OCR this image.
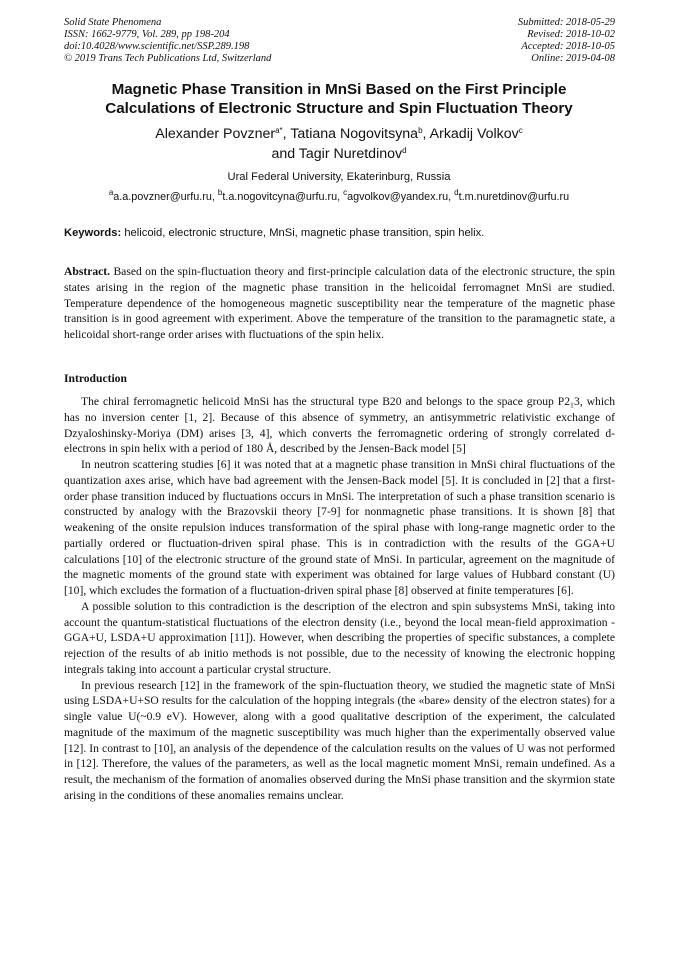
Solid State Phenomena
ISSN: 1662-9779, Vol. 289, pp 198-204
doi:10.4028/www.scientific.net/SSP.289.198
© 2019 Trans Tech Publications Ltd, Switzerland
Submitted: 2018-05-29
Revised: 2018-10-02
Accepted: 2018-10-05
Online: 2019-04-08
Magnetic Phase Transition in MnSi Based on the First Principle
Calculations of Electronic Structure and Spin Fluctuation Theory
Alexander Povzner$^{a*}$, Tatiana Nogovitsyna$^b$, Arkadij Volkov$^c$
and Tagir Nuretdinov$^d$
Ural Federal University, Ekaterinburg, Russia
$^a$a.a.povzner@urfu.ru, $^b$t.a.nogovitcyna@urfu.ru, $^c$agvolkov@yandex.ru, $^d$t.m.nuretdinov@urfu.ru
Keywords: helicoid, electronic structure, MnSi, magnetic phase transition, spin helix.
Abstract. Based on the spin-fluctuation theory and first-principle calculation data of the electronic structure, the spin states arising in the region of the magnetic phase transition in the helicoidal ferromagnet MnSi are studied. Temperature dependence of the homogeneous magnetic susceptibility near the temperature of the magnetic phase transition is in good agreement with experiment. Above the temperature of the transition to the paramagnetic state, a helicoidal short-range order arises with fluctuations of the spin helix.
Introduction

The chiral ferromagnetic helicoid MnSi has the structural type B20 and belongs to the space group P2₁3, which has no inversion center [1, 2]. Because of this absence of symmetry, an antisymmetric relativistic exchange of Dzyaloshinsky-Moriya (DM) arises [3, 4], which converts the ferromagnetic ordering of strongly correlated d-electrons in spin helix with a period of 180 Å, described by the Jensen-Back model [5]

In neutron scattering studies [6] it was noted that at a magnetic phase transition in MnSi chiral fluctuations of the quantization axes arise, which have bad agreement with the Jensen-Back model [5]. It is concluded in [2] that a first-order phase transition induced by fluctuations occurs in MnSi. The interpretation of such a phase transition scenario is constructed by analogy with the Brazovskii theory [7-9] for nonmagnetic phase transitions. It is shown [8] that weakening of the onsite repulsion induces transformation of the spiral phase with long-range magnetic order to the partially ordered or fluctuation-driven spiral phase. This is in contradiction with the results of the GGA+U calculations [10] of the electronic structure of the ground state of MnSi. In particular, agreement on the magnitude of the magnetic moments of the ground state with experiment was obtained for large values of Hubbard constant (U) [10], which excludes the formation of a fluctuation-driven spiral phase [8] observed at finite temperatures [6].

A possible solution to this contradiction is the description of the electron and spin subsystems MnSi, taking into account the quantum-statistical fluctuations of the electron density (i.e., beyond the local mean-field approximation - GGA+U, LSDA+U approximation [11]). However, when describing the properties of specific substances, a complete rejection of the results of ab initio methods is not possible, due to the necessity of knowing the electronic hopping integrals taking into account a particular crystal structure.

In previous research [12] in the framework of the spin-fluctuation theory, we studied the magnetic state of MnSi using LSDA+U+SO results for the calculation of the hopping integrals (the «bare» density of the electron states) for a single value U(~0.9 eV). However, along with a good qualitative description of the experiment, the calculated magnitude of the maximum of the magnetic susceptibility was much higher than the experimentally observed value [12]. In contrast to [10], an analysis of the dependence of the calculation results on the values of U was not performed in [12]. Therefore, the values of the parameters, as well as the local magnetic moment MnSi, remain undefined. As a result, the mechanism of the formation of anomalies observed during the MnSi phase transition and the skyrmion state arising in the conditions of these anomalies remains unclear.
